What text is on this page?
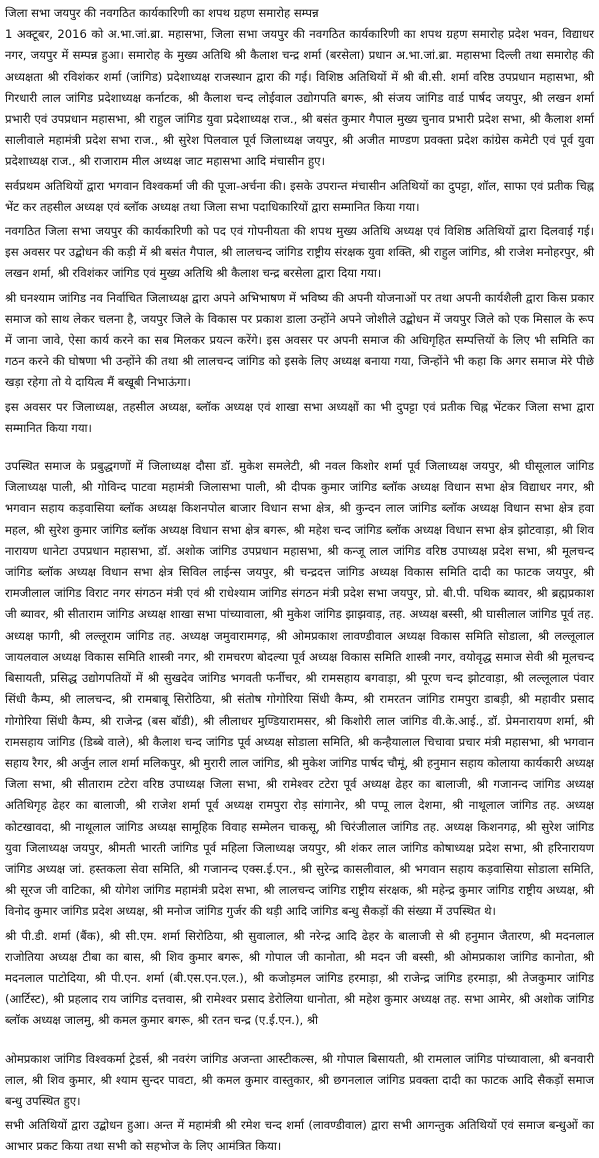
जिला सभा जयपुर की नवगठित कार्यकारिणी का शपथ ग्रहण समारोह सम्पन्न

1 अक्टूबर, 2016 को अ.भा.जां.ब्रा. महासभा, जिला सभा जयपुर की नवगठित कार्यकारिणी का शपथ ग्रहण समारोह प्रदेश भवन, विद्याधर नगर, जयपुर में सम्पन्न हुआ। समारोह के मुख्य अतिथि श्री कैलाश चन्द्र शर्मा (बरसेला) प्रधान अ.भा.जां.ब्रा. महासभा दिल्ली तथा समारोह की अध्यक्षता श्री रविशंकर शर्मा (जांगिड) प्रदेशाध्यक्ष राजस्थान द्वारा की गई। विशिष्ठ अतिथियों में श्री बी.सी. शर्मा वरिष्ठ उपप्रधान महासभा, श्री गिरधारी लाल जांगिड प्रदेशाध्यक्ष कर्नाटक, श्री कैलाश चन्द लोईवाल उद्योगपति बगरू, श्री संजय जांगिड वार्ड पार्षद जयपुर, श्री लखन शर्मा प्रभारी एवं उपप्रधान महासभा, श्री राहुल जांगिड युवा प्रदेशाध्यक्ष राज., श्री बसंत कुमार गैपाल मुख्य चुनाव प्रभारी प्रदेश सभा, श्री कैलाश शर्मा सालीवाले महामंत्री प्रदेश सभा राज., श्री सुरेश पिलवाल पूर्व जिलाध्यक्ष जयपुर, श्री अजीत माण्डण प्रवक्ता प्रदेश कांग्रेस कमेटी एवं पूर्व युवा प्रदेशाध्यक्ष राज., श्री राजाराम मील अध्यक्ष जाट महासभा आदि मंचासीन हुए।

सर्वप्रथम अतिथियों द्वारा भगवान विश्वकर्मा जी की पूजा-अर्चना की। इसके उपरान्त मंचासीन अतिथियों का दुपट्टा, शॉल, साफा एवं प्रतीक चिह्न भेंट कर तहसील अध्यक्ष एवं ब्लॉक अध्यक्ष तथा जिला सभा पदाधिकारियों द्वारा सम्मानित किया गया।

नवगठित जिला सभा जयपुर की कार्यकारिणी को पद एवं गोपनीयता की शपथ मुख्य अतिथि अध्यक्ष एवं विशिष्ठ अतिथियों द्वारा दिलवाई गई। इस अवसर पर उद्बोधन की कड़ी में श्री बसंत गैपाल, श्री लालचन्द जांगिड राष्ट्रीय संरक्षक युवा शक्ति, श्री राहुल जांगिड, श्री राजेश मनोहरपुर, श्री लखन शर्मा, श्री रविशंकर जांगिड एवं मुख्य अतिथि श्री कैलाश चन्द्र बरसेला द्वारा दिया गया।

श्री घनश्याम जांगिड नव निर्वाचित जिलाध्यक्ष द्वारा अपने अभिभाषण में भविष्य की अपनी योजनाओं पर तथा अपनी कार्यशैली द्वारा किस प्रकार समाज को साथ लेकर चलना है, जयपुर जिले के विकास पर प्रकाश डाला उन्होंने अपने जोशीले उद्बोधन में जयपुर जिले को एक मिसाल के रूप में जाना जावे, ऐसा कार्य करने का सब मिलकर प्रयत्न करेंगे। इस अवसर पर अपनी समाज की अधिगृहित सम्पत्तियों के लिए भी समिति का गठन करने की घोषणा भी उन्होंने की तथा श्री लालचन्द जांगिड को इसके लिए अध्यक्ष बनाया गया, जिन्होंने भी कहा कि अगर समाज मेरे पीछे खड़ा रहेगा तो ये दायित्व मैं बखूबी निभाऊंगा।

इस अवसर पर जिलाध्यक्ष, तहसील अध्यक्ष, ब्लॉक अध्यक्ष एवं शाखा सभा अध्यक्षों का भी दुपट्टा एवं प्रतीक चिह्न भेंटकर जिला सभा द्वारा सम्मानित किया गया।

उपस्थित समाज के प्रबुद्धगणों में जिलाध्यक्ष दौसा डॉ. मुकेश समलेटी, श्री नवल किशोर शर्मा पूर्व जिलाध्यक्ष जयपुर, श्री घीसूलाल जांगिड जिलाध्यक्ष पाली, श्री गोविन्द पाटवा महामंत्री जिलासभा पाली, श्री दीपक कुमार जांगिड ब्लॉक अध्यक्ष विधान सभा क्षेत्र विद्याधर नगर, श्री भगवान सहाय कड़वासिया ब्लॉक अध्यक्ष किशनपोल बाजार विधान सभा क्षेत्र, श्री कुन्दन लाल जांगिड ब्लॉक अध्यक्ष विधान सभा क्षेत्र हवा महल, श्री सुरेश कुमार जांगिड ब्लॉक अध्यक्ष विधान सभा क्षेत्र बगरू, श्री महेश चन्द जांगिड ब्लॉक अध्यक्ष विधान सभा क्षेत्र झोटवाड़ा, श्री शिव नारायण धानेटा उपप्रधान महासभा, डॉ. अशोक जांगिड उपप्रधान महासभा, श्री कन्जू लाल जांगिड वरिष्ठ उपाध्यक्ष प्रदेश सभा, श्री मूलचन्द जांगिड ब्लॉक अध्यक्ष विधान सभा क्षेत्र सिविल लाईन्स जयपुर, श्री चन्द्रदत्त जांगिड अध्यक्ष विकास समिति दादी का फाटक जयपुर, श्री रामजीलाल जांगिड विराट नगर संगठन मंत्री एवं श्री राधेश्याम जांगिड संगठन मंत्री प्रदेश सभा जयपुर, प्रो. बी.पी. पथिक ब्यावर, श्री ब्रह्मप्रकाश जी ब्यावर, श्री सीताराम जांगिड अध्यक्ष शाखा सभा पांच्यावाला, श्री मुकेश जांगिड झाझवाड़, तह. अध्यक्ष बस्सी, श्री घासीलाल जांगिड पूर्व तह. अध्यक्ष फागी, श्री लल्लूराम जांगिड तह. अध्यक्ष जमुवारामगढ़, श्री ओमप्रकाश लावण्डीवाल अध्यक्ष विकास समिति सोडाला, श्री लल्लूलाल जायलवाल अध्यक्ष विकास समिति शास्त्री नगर, श्री रामचरण बोदल्या पूर्व अध्यक्ष विकास समिति शास्त्री नगर, वयोवृद्ध समाज सेवी श्री मूलचन्द बिसायती, प्रसिद्ध उद्योगपतियों में श्री सुखदेव जांगिड भगवती फर्नीचर, श्री रामसहाय बगवाड़ा, श्री पूरण चन्द झोटवाड़ा, श्री लल्लूलाल पंवार सिंधी कैम्प, श्री लालचन्द, श्री रामबाबू सिरोठिया, श्री संतोष गोगोरिया सिंधी कैम्प, श्री रामरतन जांगिड रामपुरा डाबड़ी, श्री महावीर प्रसाद गोगोरिया सिंधी कैम्प, श्री राजेन्द्र (बस बॉडी), श्री लीलाधर मुण्डियारामसर, श्री किशोरी लाल जांगिड वी.के.आई., डॉ. प्रेमनारायण शर्मा, श्री रामसहाय जांगिड (डिब्बे वाले), श्री कैलाश चन्द जांगिड पूर्व अध्यक्ष सोडाला समिति, श्री कन्हैयालाल चिचावा प्रचार मंत्री महासभा, श्री भगवान सहाय रैगर, श्री अर्जुन लाल शर्मा मलिकपुर, श्री मुरारी लाल जांगिड, श्री मुकेश जांगिड पार्षद चौमूं, श्री हनुमान सहाय कोलाया कार्यकारी अध्यक्ष जिला सभा, श्री सीताराम टटेरा वरिष्ठ उपाध्यक्ष जिला सभा, श्री रामेश्वर टटेरा पूर्व अध्यक्ष ढेहर का बालाजी, श्री गजानन्द जांगिड अध्यक्ष अतिथिगृह ढेहर का बालाजी, श्री राजेश शर्मा पूर्व अध्यक्ष रामपुरा रोड़ सांगानेर, श्री पप्पू लाल देशमा, श्री नाथूलाल जांगिड तह. अध्यक्ष कोटखावदा, श्री नाथूलाल जांगिड अध्यक्ष सामूहिक विवाह सम्मेलन चाकसू, श्री चिरंजीलाल जांगिड तह. अध्यक्ष किशनगढ़, श्री सुरेश जांगिड युवा जिलाध्यक्ष जयपुर, श्रीमती भारती जांगिड पूर्व महिला जिलाध्यक्ष जयपुर, श्री शंकर लाल जांगिड कोषाध्यक्ष प्रदेश सभा, श्री हरिनारायण जांगिड अध्यक्ष जां. हस्तकला सेवा समिति, श्री गजानन्द एक्स.ई.एन., श्री सुरेन्द्र कासलीवाल, श्री भगवान सहाय कड़वासिया सोडाला समिति, श्री सूरज जी वाटिका, श्री योगेश जांगिड महामंत्री प्रदेश सभा, श्री लालचन्द जांगिड राष्ट्रीय संरक्षक, श्री महेन्द्र कुमार जांगिड राष्ट्रीय अध्यक्ष, श्री विनोद कुमार जांगिड प्रदेश अध्यक्ष, श्री मनोज जांगिड गुर्जर की थड़ी आदि जांगिड बन्धु सैकड़ों की संख्या में उपस्थित थे।

श्री पी.डी. शर्मा (बैंक), श्री सी.एम. शर्मा सिरोठिया, श्री सुवालाल, श्री नरेन्द्र आदि ढेहर के बालाजी से श्री हनुमान जैतारण, श्री मदनलाल राजोतिया अध्यक्ष टीबा का बास, श्री शिव कुमार बगरू, श्री गोपाल जी कानोता, श्री मदन जी बस्सी, श्री ओमप्रकाश जांगिड कानोता, श्री मदनलाल पाटोदिया, श्री पी.एन. शर्मा (बी.एस.एन.एल.), श्री कजोड़मल जांगिड हरमाड़ा, श्री राजेन्द्र जांगिड हरमाड़ा, श्री तेजकुमार जांगिड (आर्टिस्ट), श्री प्रहलाद राय जांगिड दत्तवास, श्री रामेश्वर प्रसाद डेरोलिया धानोता, श्री महेश कुमार अध्यक्ष तह. सभा आमेर, श्री अशोक जांगिड ब्लॉक अध्यक्ष जालमु, श्री कमल कुमार बगरू, श्री रतन चन्द्र (ए.ई.एन.), श्री

ओमप्रकाश जांगिड विश्वकर्मा ट्रेडर्स, श्री नवरंग जांगिड अजन्ता आस्टीकल्स, श्री गोपाल बिसायती, श्री रामलाल जांगिड पांच्यावाला, श्री बनवारी लाल, श्री शिव कुमार, श्री श्याम सुन्दर पावटा, श्री कमल कुमार वास्तुकार, श्री छगनलाल जांगिड प्रवक्ता दादी का फाटक आदि सैकड़ों समाज बन्धु उपस्थित हुए।

सभी अतिथियों द्वारा उद्बोधन हुआ। अन्त में महामंत्री श्री रमेश चन्द शर्मा (लावण्डीवाल) द्वारा सभी आगन्तुक अतिथियों एवं समाज बन्धुओं का आभार प्रकट किया तथा सभी को सहभोज के लिए आमंत्रित किया।
